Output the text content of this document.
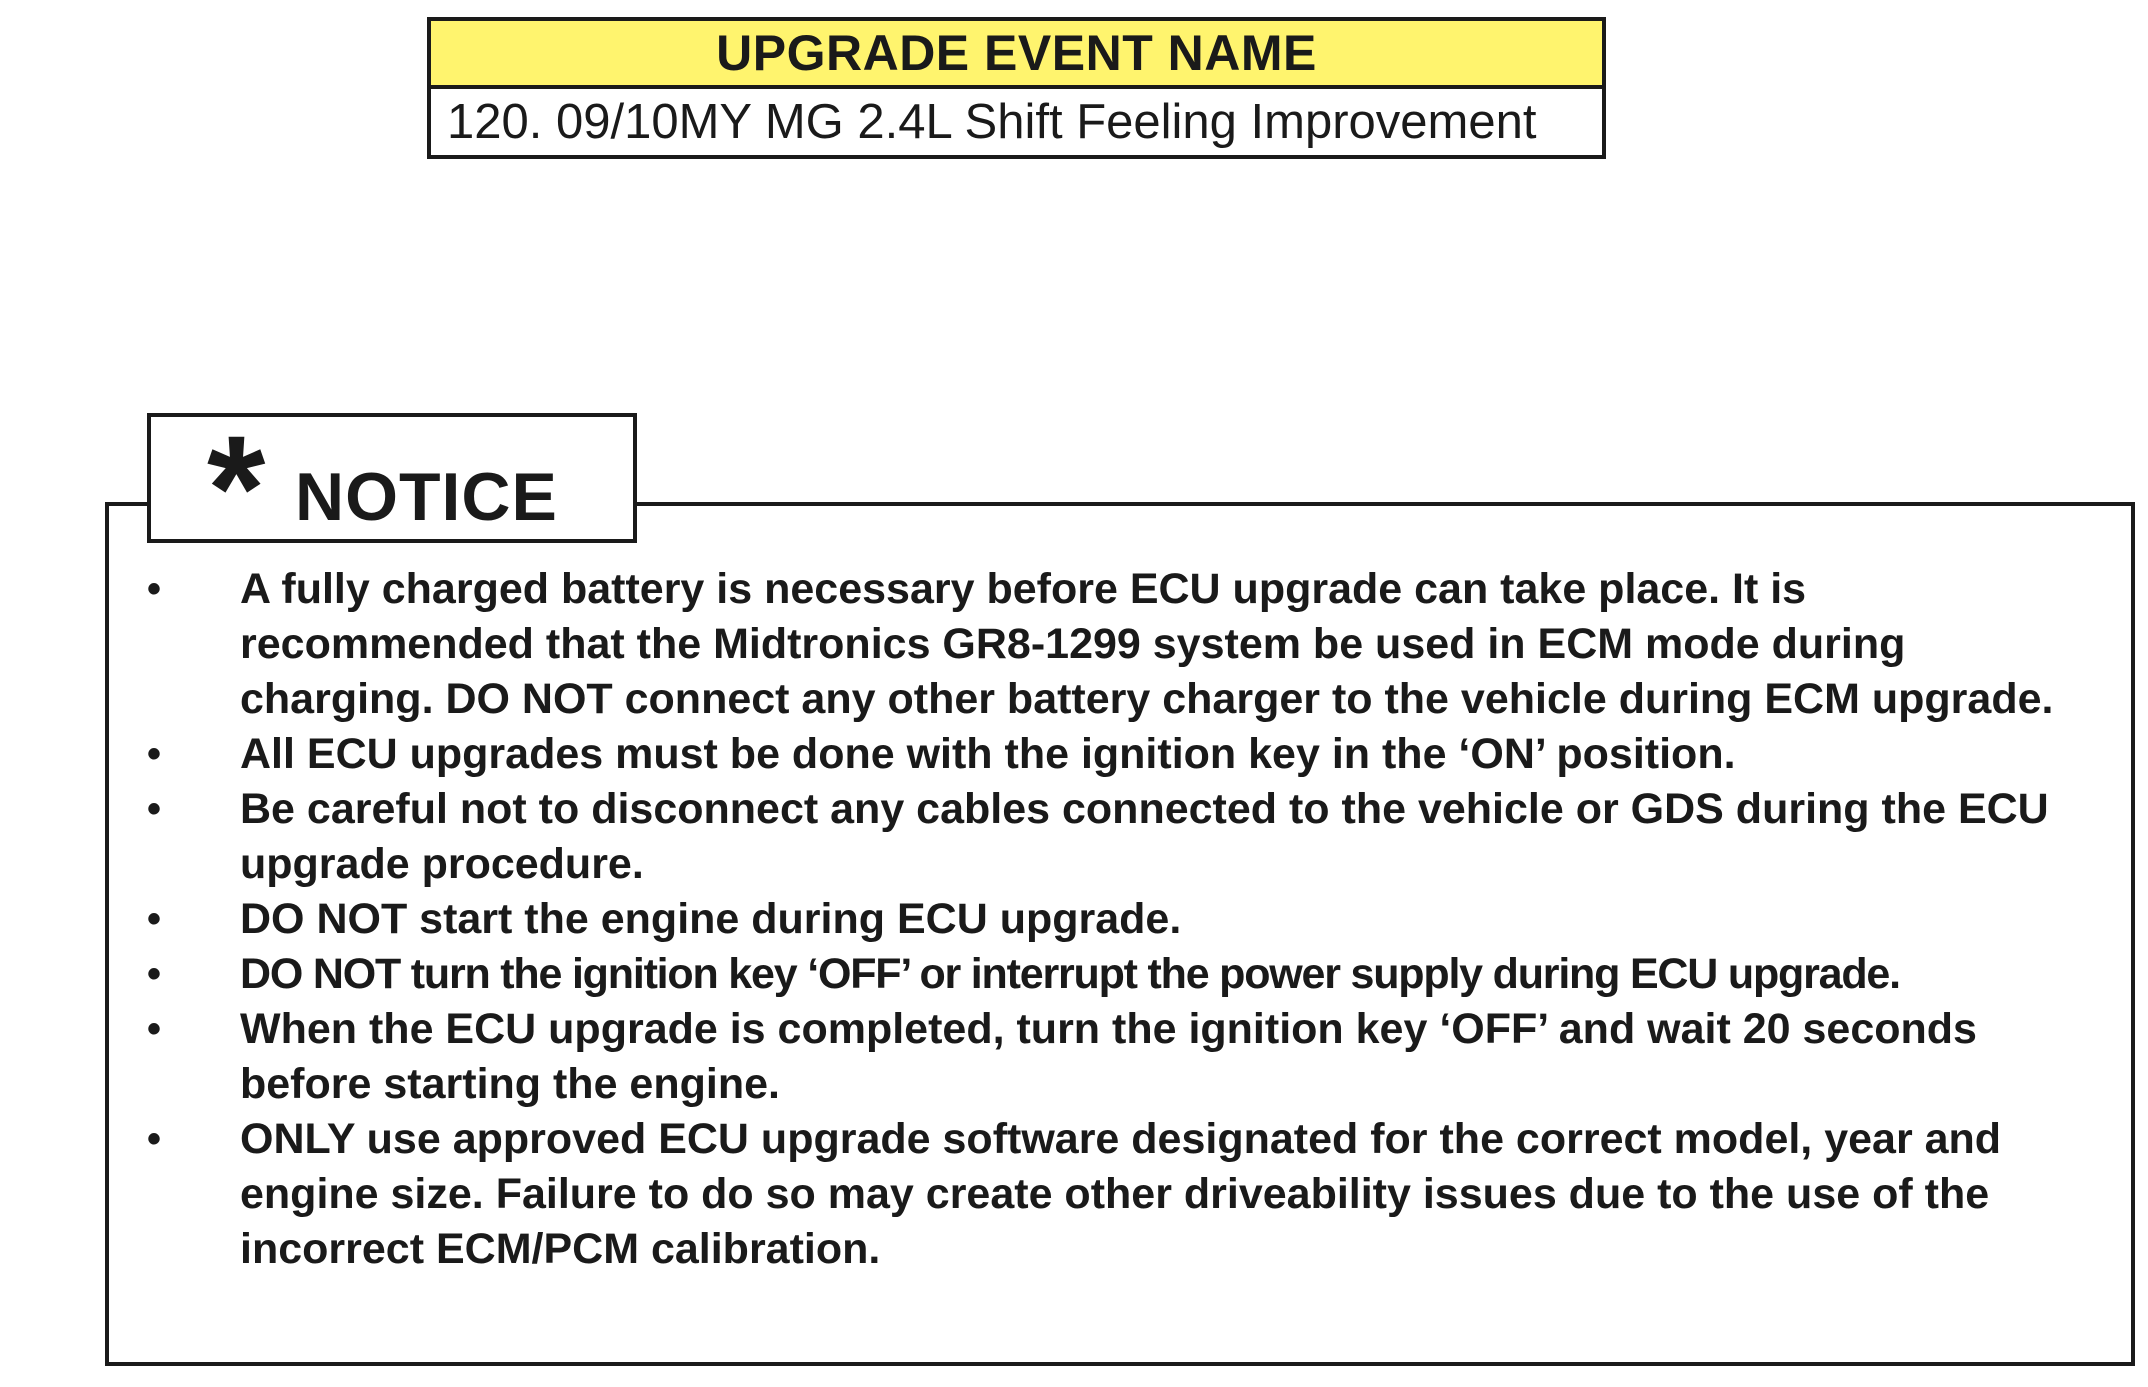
UPGRADE EVENT NAME
120. 09/10MY MG 2.4L Shift Feeling Improvement
* NOTICE
•	A fully charged battery is necessary before ECU upgrade can take place. It is recommended that the Midtronics GR8-1299 system be used in ECM mode during charging. DO NOT connect any other battery charger to the vehicle during ECM upgrade.
•	All ECU upgrades must be done with the ignition key in the ‘ON’ position.
•	Be careful not to disconnect any cables connected to the vehicle or GDS during the ECU upgrade procedure.
•	DO NOT start the engine during ECU upgrade.
•	DO NOT turn the ignition key ‘OFF’ or interrupt the power supply during ECU upgrade.
•	When the ECU upgrade is completed, turn the ignition key ‘OFF’ and wait 20 seconds before starting the engine.
•	ONLY use approved ECU upgrade software designated for the correct model, year and engine size. Failure to do so may create other driveability issues due to the use of the incorrect ECM/PCM calibration.
